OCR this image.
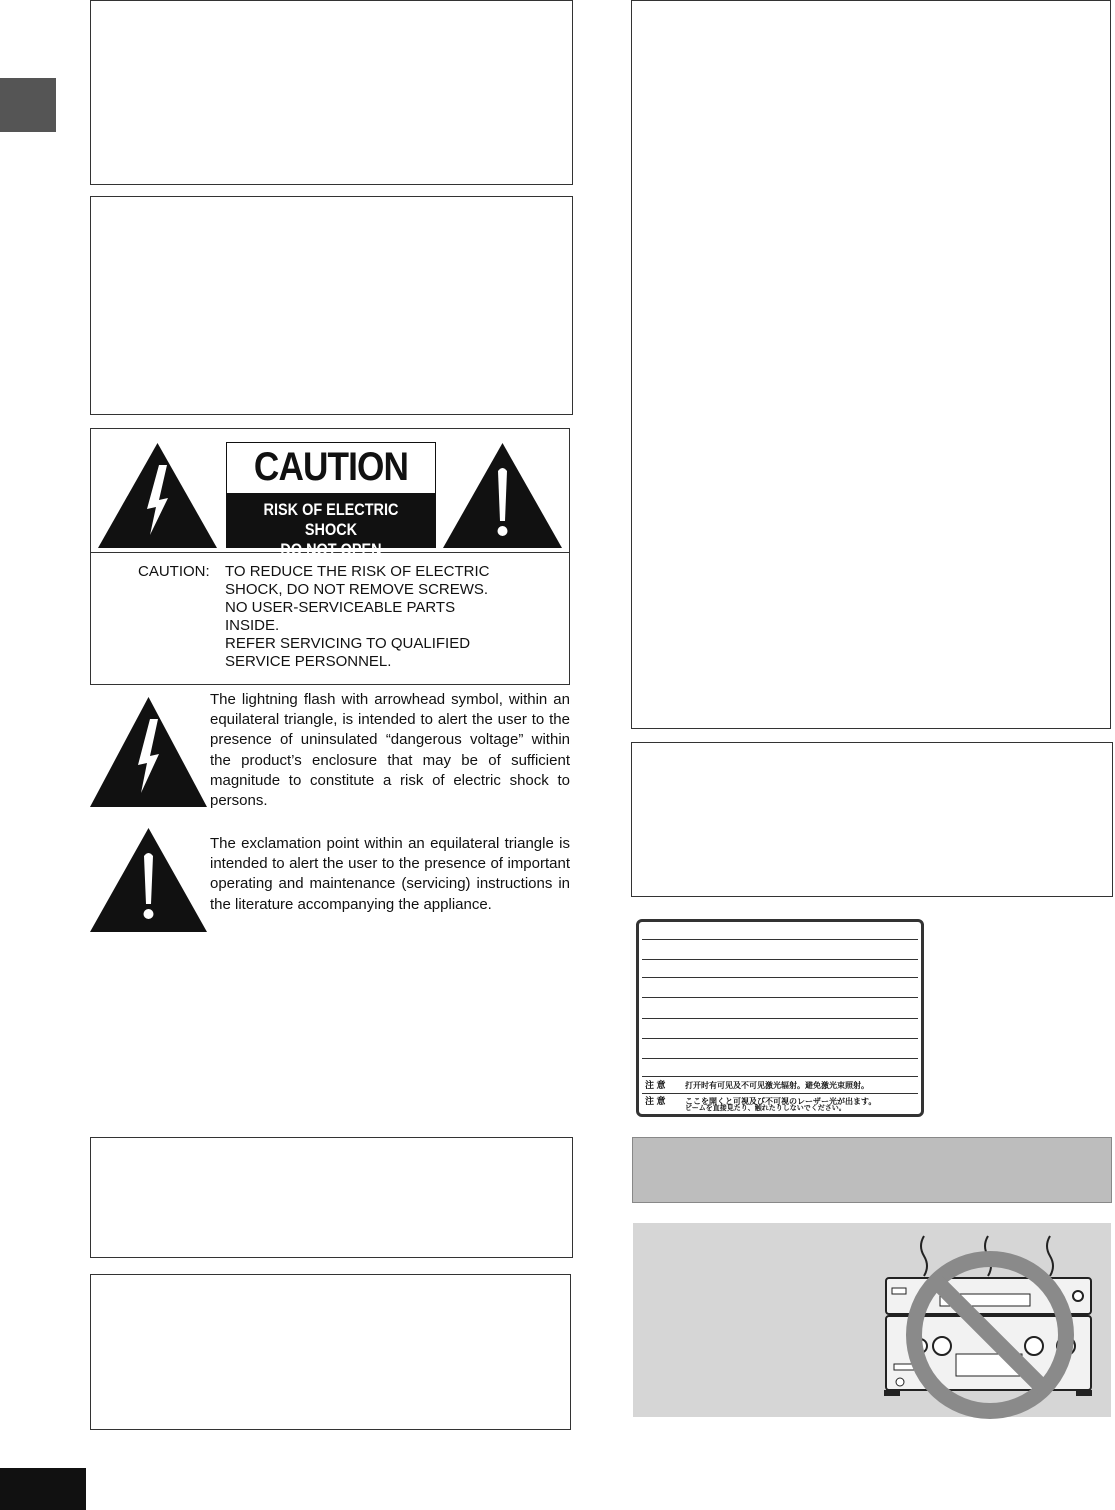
CAUTION
RISK OF ELECTRIC SHOCK
DO NOT OPEN
CAUTION: TO REDUCE THE RISK OF ELECTRIC
SHOCK, DO NOT REMOVE SCREWS.
NO USER-SERVICEABLE PARTS
INSIDE.
REFER SERVICING TO QUALIFIED
SERVICE PERSONNEL.
The lightning flash with arrowhead symbol, within an equilateral triangle, is intended to alert the user to the presence of uninsulated “dangerous voltage” within the product’s enclosure that may be of sufficient magnitude to constitute a risk of electric shock to persons.
The exclamation point within an equilateral triangle is intended to alert the user to the presence of important operating and maintenance (servicing) instructions in the literature accompanying the appliance.
注 意 打开时有可见及不可见激光辐射。避免激光束照射。
注 意 ここを開くと可視及び不可視のレーザー光が出ます。
ビームを直接見たり、触れたりしないでください。
